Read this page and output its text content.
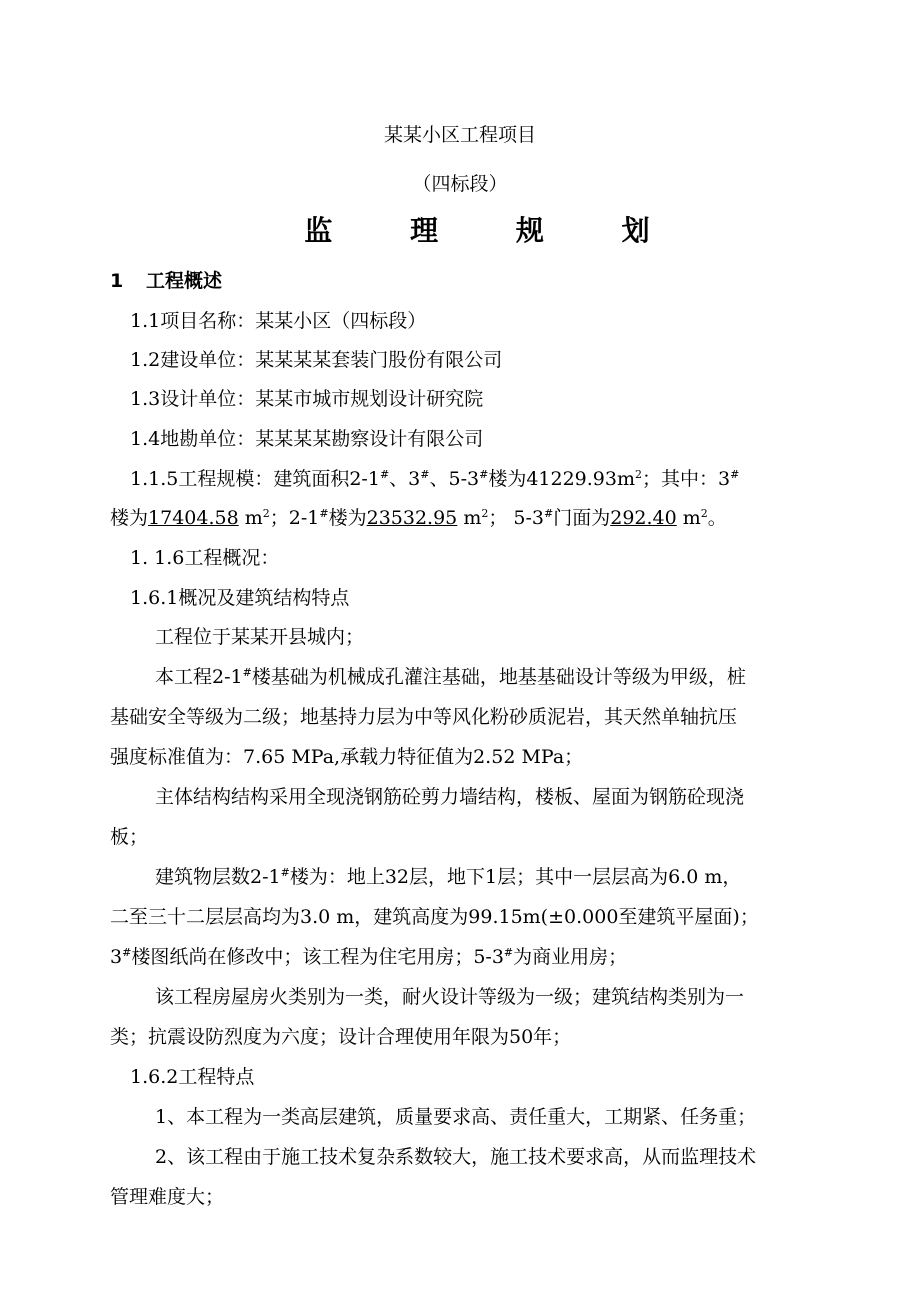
某某小区工程项目
（四标段）
监 理 规 划
1 工程概述
1.1项目名称：某某小区（四标段）
1.2建设单位：某某某某套装门股份有限公司
1.3设计单位：某某市城市规划设计研究院
1.4地勘单位：某某某某勘察设计有限公司
1.1.5工程规模：建筑面积2-1#、3#、5-3#楼为$41229.93m^2$；其中：3#
楼为17404.58 $m^2$；2-1#楼为23532.95 $m^2$； 5-3#门面为292.40 $m^2$。
1. 1.6工程概况：
1.6.1概况及建筑结构特点
工程位于某某开县城内；
本工程2-1#楼基础为机械成孔灌注基础，地基基础设计等级为甲级，桩
基础安全等级为二级；地基持力层为中等风化粉砂质泥岩，其天然单轴抗压
强度标准值为：7.65 MPa,承载力特征值为2.52 MPa；
主体结构结构采用全现浇钢筋砼剪力墙结构，楼板、屋面为钢筋砼现浇
板；
建筑物层数2-1#楼为：地上32层，地下1层；其中一层层高为6.0 m，
二至三十二层层高均为3.0 m，建筑高度为99.15m(±0.000至建筑平屋面)；
3#楼图纸尚在修改中；该工程为住宅用房；5-3#为商业用房；
该工程房屋房火类别为一类，耐火设计等级为一级；建筑结构类别为一
类；抗震设防烈度为六度；设计合理使用年限为50年；
1.6.2工程特点
1、本工程为一类高层建筑，质量要求高、责任重大，工期紧、任务重；
2、该工程由于施工技术复杂系数较大，施工技术要求高，从而监理技术
管理难度大；
